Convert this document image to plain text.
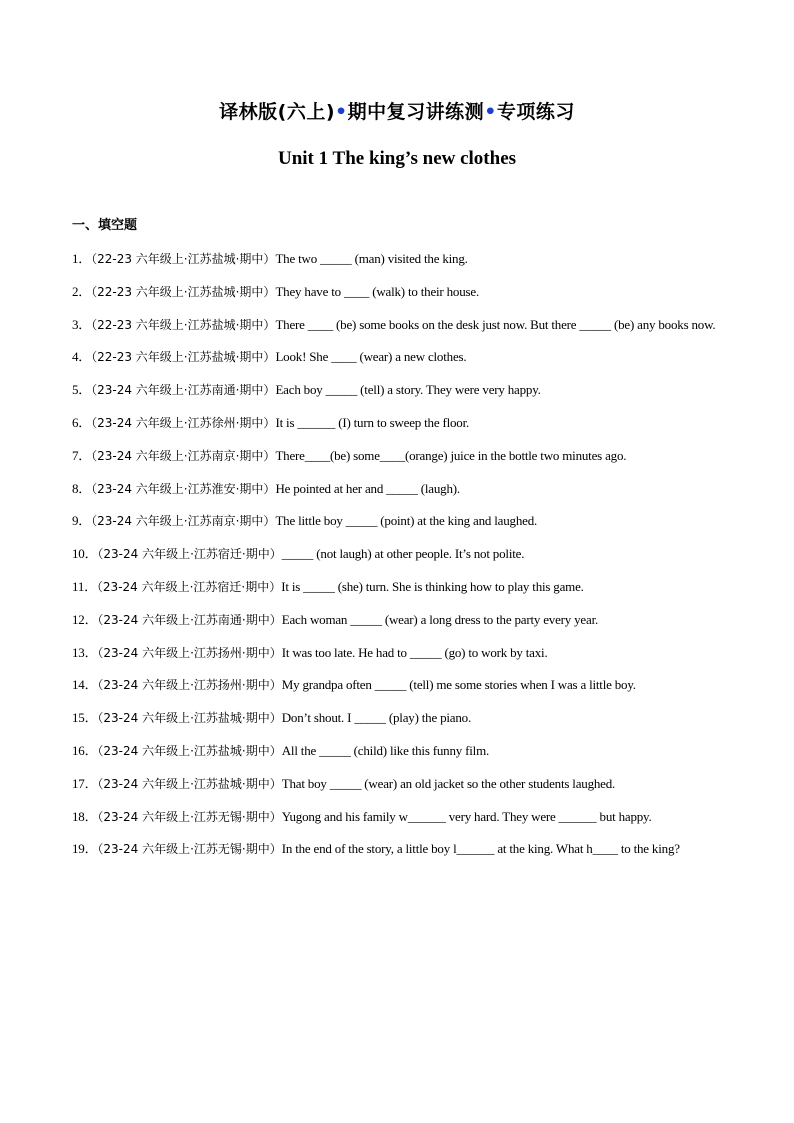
译林版(六上)•期中复习讲练测•专项练习
Unit 1 The king’s new clothes
一、填空题
1．（22-23 六年级上·江苏盐城·期中）The two _____ (man) visited the king.
2．（22-23 六年级上·江苏盐城·期中）They have to ____ (walk) to their house.
3．（22-23 六年级上·江苏盐城·期中）There ____ (be) some books on the desk just now. But there _____ (be) any books now.
4．（22-23 六年级上·江苏盐城·期中）Look! She ____ (wear) a new clothes.
5．（23-24 六年级上·江苏南通·期中）Each boy _____ (tell) a story. They were very happy.
6．（23-24 六年级上·江苏徐州·期中）It is ______ (I) turn to sweep the floor.
7．（23-24 六年级上·江苏南京·期中）There____(be) some____(orange) juice in the bottle two minutes ago.
8．（23-24 六年级上·江苏淮安·期中）He pointed at her and _____ (laugh).
9．（23-24 六年级上·江苏南京·期中）The little boy _____ (point) at the king and laughed.
10．（23-24 六年级上·江苏宿迁·期中）_____ (not laugh) at other people. It’s not polite.
11．（23-24 六年级上·江苏宿迁·期中）It is _____ (she) turn. She is thinking how to play this game.
12．（23-24 六年级上·江苏南通·期中）Each woman _____ (wear) a long dress to the party every year.
13．（23-24 六年级上·江苏扬州·期中）It was too late. He had to _____ (go) to work by taxi.
14．（23-24 六年级上·江苏扬州·期中）My grandpa often _____ (tell) me some stories when I was a little boy.
15．（23-24 六年级上·江苏盐城·期中）Don’t shout. I _____ (play) the piano.
16．（23-24 六年级上·江苏盐城·期中）All the _____ (child) like this funny film.
17．（23-24 六年级上·江苏盐城·期中）That boy _____ (wear) an old jacket so the other students laughed.
18．（23-24 六年级上·江苏无锡·期中）Yugong and his family w______ very hard. They were ______ but happy.
19．（23-24 六年级上·江苏无锡·期中）In the end of the story, a little boy l______ at the king. What h____ to the king?
